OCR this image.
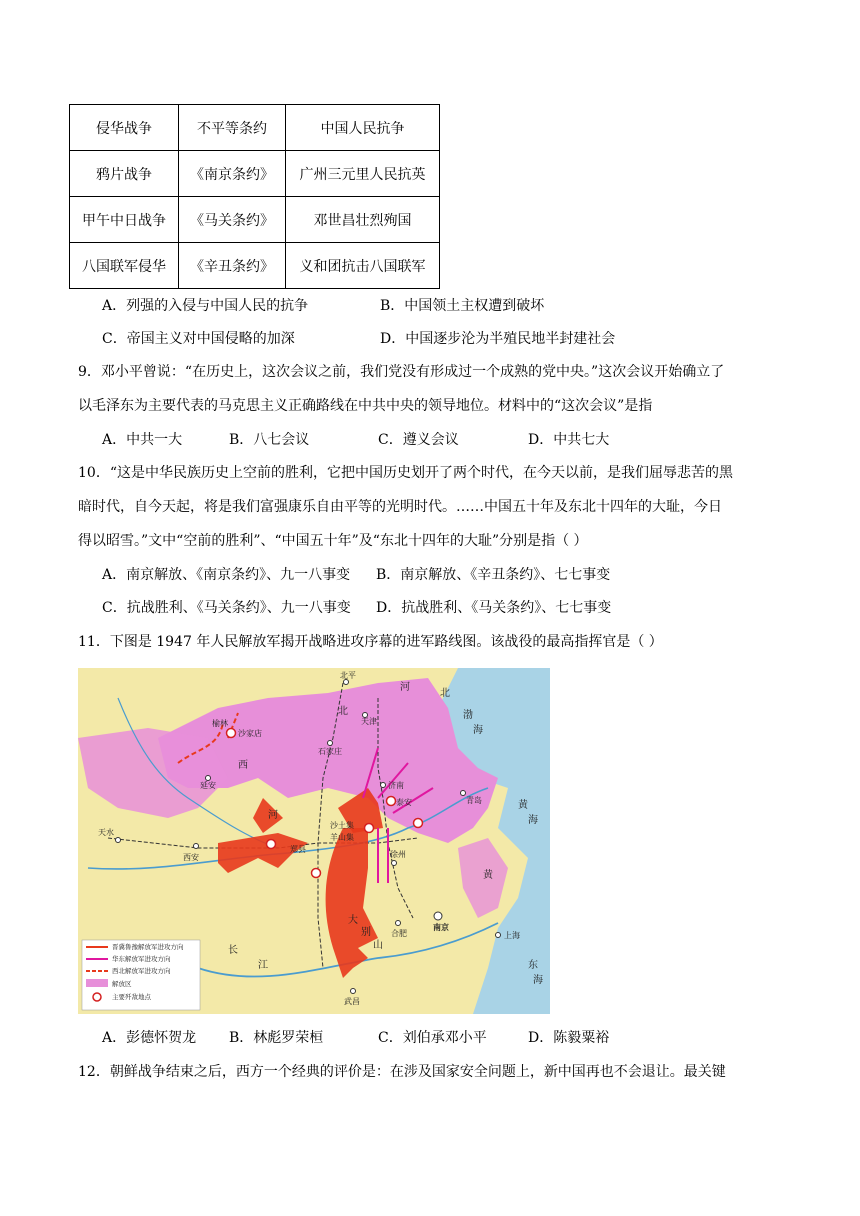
侵华战争	不平等条约	中国人民抗争
鸦片战争	《南京条约》	广州三元里人民抗英
甲午中日战争	《马关条约》	邓世昌壮烈殉国
八国联军侵华	《辛丑条约》	义和团抗击八国联军
A．列强的入侵与中国人民的抗争	B．中国领土主权遭到破坏
C．帝国主义对中国侵略的加深	D．中国逐步沦为半殖民地半封建社会
9．邓小平曾说：“在历史上，这次会议之前，我们党没有形成过一个成熟的党中央。”这次会议开始确立了
以毛泽东为主要代表的马克思主义正确路线在中共中央的领导地位。材料中的“这次会议”是指
A．中共一大	B．八七会议	C．遵义会议	D．中共七大
10．“这是中华民族历史上空前的胜利，它把中国历史划开了两个时代，在今天以前，是我们屈辱悲苦的黑
暗时代，自今天起，将是我们富强康乐自由平等的光明时代。……中国五十年及东北十四年的大耻，今日
得以昭雪。”文中“空前的胜利”、“中国五十年”及“东北十四年的大耻”分别是指（ ）
A．南京解放、《南京条约》、九一八事变 B．南京解放、《辛丑条约》、七七事变
C．抗战胜利、《马关条约》、九一八事变 D．抗战胜利、《马关条约》、七七事变
11．下图是 1947 年人民解放军揭开战略进攻序幕的进军路线图。该战役的最高指挥官是（ ）
北平
天津
榆林
沙家店
石家庄
延安	济南
泰安	青岛
沙土集
羊山集
天水
西安
郑县
徐州
合肥
南京
上海
武昌
北
河
西
黄
河
北
长
江
大
别
山
渤
海
黄
海
东
海
晋冀鲁豫解放军进攻方向
华东解放军进攻方向
西北解放军进攻方向
解放区
主要歼敌地点
A．彭德怀贺龙 B．林彪罗荣桓	C．刘伯承邓小平	D．陈毅粟裕
12．朝鲜战争结束之后，西方一个经典的评价是：在涉及国家安全问题上，新中国再也不会退让。最关键
